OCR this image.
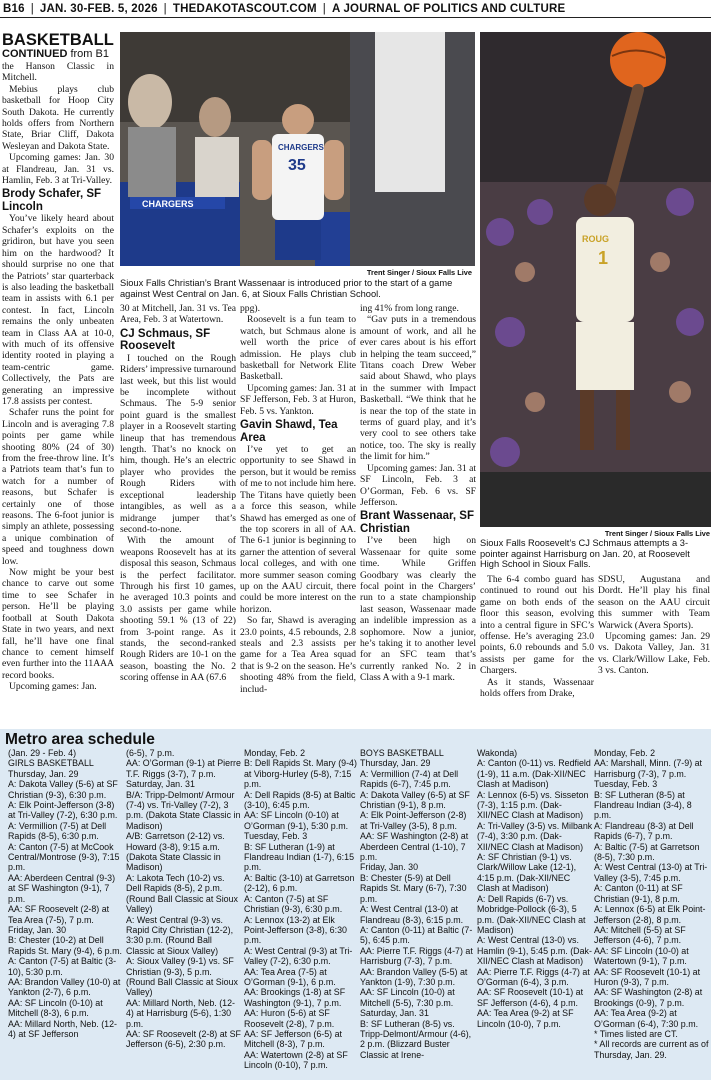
B16 | JAN. 30-FEB. 5, 2026 | THEDAKOTASCOUT.COM | A JOURNAL OF POLITICS AND CULTURE
BASKETBALL
CONTINUED from B1

the Hanson Classic in Mitchell.

Mebius plays club basketball for Hoop City South Dakota. He currently holds offers from Northern State, Briar Cliff, Dakota Wesleyan and Dakota State.

Upcoming games: Jan. 30 at Flandreau, Jan. 31 vs. Hamlin, Feb. 3 at Tri-Valley.

Brody Schafer, SF Lincoln

You’ve likely heard about Schafer’s exploits on the gridiron, but have you seen him on the hardwood? It should surprise no one that the Patriots’ star quarterback is also leading the basketball team in assists with 6.1 per contest. In fact, Lincoln remains the only unbeaten team in Class AA at 10-0, with much of its offensive identity rooted in playing a team-centric game. Collectively, the Pats are generating an impressive 17.8 assists per contest.

Schafer runs the point for Lincoln and is averaging 7.8 points per game while shooting 80% (24 of 30) from the free-throw line. It’s a Patriots team that’s fun to watch for a number of reasons, but Schafer is certainly one of those reasons. The 6-foot junior is simply an athlete, possessing a unique combination of speed and toughness down low.

Now might be your best chance to carve out some time to see Schafer in person. He’ll be playing football at South Dakota State in two years, and next fall, he’ll have one final chance to cement himself even further into the 11AAA record books.

Upcoming games: Jan.

CHARGERS
CHARGERS
35
Trent Singer / Sioux Falls Live
Sioux Falls Christian’s Brant Wassenaar is introduced prior to the start of a game against West Central on Jan. 6, at Sioux Falls Christian School.

30 at Mitchell, Jan. 31 vs. Tea Area, Feb. 3 at Watertown.

CJ Schmaus, SF Roosevelt

I touched on the Rough Riders’ impressive turnaround last week, but this list would be incomplete without Schmaus. The 5-9 senior point guard is the smallest player in a Roosevelt starting lineup that has tremendous length. That’s no knock on him, though. He’s an electric player who provides the Rough Riders with exceptional leadership intangibles, as well as a midrange jumper that’s second-to-none.

With the amount of weapons Roosevelt has at its disposal this season, Schmaus is the perfect facilitator. Through his first 10 games, he averaged 10.3 points and 3.0 assists per game while shooting 59.1 % (13 of 22) from 3-point range. As it stands, the second-ranked Rough Riders are 10-1 on the season, boasting the No. 2 scoring offense in AA (67.6

ppg).

Roosevelt is a fun team to watch, but Schmaus alone is well worth the price of admission. He plays club basketball for Network Elite Basketball.

Upcoming games: Jan. 31 at SF Jefferson, Feb. 3 at Huron, Feb. 5 vs. Yankton.

Gavin Shawd, Tea Area

I’ve yet to get an opportunity to see Shawd in person, but it would be remiss of me to not include him here. The Titans have quietly been a force this season, while Shawd has emerged as one of the top scorers in all of AA. The 6-1 junior is beginning to garner the attention of several local colleges, and with one more summer season coming up on the AAU circuit, there could be more interest on the horizon.

So far, Shawd is averaging 23.0 points, 4.5 rebounds, 2.8 steals and 2.3 assists per game for a Tea Area squad that is 9-2 on the season. He’s shooting 48% from the field, includ-

ing 41% from long range.

“Gav puts in a tremendous amount of work, and all he ever cares about is his effort in helping the team succeed,” Titans coach Drew Weber said about Shawd, who plays in the summer with Impact Basketball. “We think that he is near the top of the state in terms of guard play, and it’s very cool to see others take notice, too. The sky is really the limit for him.”

Upcoming games: Jan. 31 at SF Lincoln, Feb. 3 at O’Gorman, Feb. 6 vs. SF Jefferson.

Brant Wassenaar, SF Christian

I’ve been high on Wassenaar for quite some time. While Griffen Goodbary was clearly the focal point in the Chargers’ run to a state championship last season, Wassenaar made an indelible impression as a sophomore. Now a junior, he’s taking it to another level for an SFC team that’s currently ranked No. 2 in Class A with a 9-1 mark.

ROUG
1
Trent Singer / Sioux Falls Live
Sioux Falls Roosevelt’s CJ Schmaus attempts a 3-pointer against Harrisburg on Jan. 20, at Roosevelt High School in Sioux Falls.

The 6-4 combo guard has continued to round out his game on both ends of the floor this season, evolving into a central figure in SFC’s offense. He’s averaging 23.0 points, 6.0 rebounds and 5.0 assists per game for the Chargers.

As it stands, Wassenaar holds offers from Drake,

SDSU, Augustana and Dordt. He’ll play his final season on the AAU circuit this summer with Team Warwick (Avera Sports).

Upcoming games: Jan. 29 vs. Dakota Valley, Jan. 31 vs. Clark/Willow Lake, Feb. 3 vs. Canton.

Metro area schedule
(Jan. 29 - Feb. 4)
GIRLS BASKETBALL
Thursday, Jan. 29
A: Dakota Valley (5-6) at SF Christian (9-3), 6:30 p.m.
A: Elk Point-Jefferson (3-8) at Tri-Valley (7-2), 6:30 p.m.
A: Vermillion (7-5) at Dell Rapids (8-5), 6:30 p.m.
A: Canton (7-5) at McCook Central/Montrose (9-3), 7:15 p.m.
AA: Aberdeen Central (9-3) at SF Washington (9-1), 7 p.m.
AA: SF Roosevelt (2-8) at Tea Area (7-5), 7 p.m.
Friday, Jan. 30
B: Chester (10-2) at Dell Rapids St. Mary (9-4), 6 p.m.
A: Canton (7-5) at Baltic (3-10), 5:30 p.m.
AA: Brandon Valley (10-0) at Yankton (2-7), 6 p.m.
AA: SF Lincoln (0-10) at Mitchell (8-3), 6 p.m.
AA: Millard North, Neb. (12-4) at SF Jefferson
(6-5), 7 p.m.
AA: O’Gorman (9-1) at Pierre T.F. Riggs (3-7), 7 p.m.
Saturday, Jan. 31
B/A: Tripp-Delmont/ Armour (7-4) vs. Tri-Valley (7-2), 3 p.m. (Dakota State Classic in Madison)
A/B: Garretson (2-12) vs. Howard (3-8), 9:15 a.m. (Dakota State Classic in Madison)
A: Lakota Tech (10-2) vs. Dell Rapids (8-5), 2 p.m. (Round Ball Classic at Sioux Valley)
A: West Central (9-3) vs. Rapid City Christian (12-2), 3:30 p.m. (Round Ball Classic at Sioux Valley)
A: Sioux Valley (9-1) vs. SF Christian (9-3), 5 p.m. (Round Ball Classic at Sioux Valley)
AA: Millard North, Neb. (12-4) at Harrisburg (5-6), 1:30 p.m.
AA: SF Roosevelt (2-8) at SF Jefferson (6-5), 2:30 p.m.
Monday, Feb. 2
B: Dell Rapids St. Mary (9-4) at Viborg-Hurley (5-8), 7:15 p.m.
A: Dell Rapids (8-5) at Baltic (3-10), 6:45 p.m.
AA: SF Lincoln (0-10) at O’Gorman (9-1), 5:30 p.m.
Tuesday, Feb. 3
B: SF Lutheran (1-9) at Flandreau Indian (1-7), 6:15 p.m.
A: Baltic (3-10) at Garretson (2-12), 6 p.m.
A: Canton (7-5) at SF Christian (9-3), 6:30 p.m.
A: Lennox (13-2) at Elk Point-Jefferson (3-8), 6:30 p.m.
A: West Central (9-3) at Tri-Valley (7-2), 6:30 p.m.
AA: Tea Area (7-5) at O’Gorman (9-1), 6 p.m.
AA: Brookings (1-8) at SF Washington (9-1), 7 p.m.
AA: Huron (5-6) at SF Roosevelt (2-8), 7 p.m.
AA: SF Jefferson (6-5) at Mitchell (8-3), 7 p.m.
AA: Watertown (2-8) at SF Lincoln (0-10), 7 p.m.
BOYS BASKETBALL
Thursday, Jan. 29
A: Vermillion (7-4) at Dell Rapids (6-7), 7:45 p.m.
A: Dakota Valley (6-5) at SF Christian (9-1), 8 p.m.
A: Elk Point-Jefferson (2-8) at Tri-Valley (3-5), 8 p.m.
AA: SF Washington (2-8) at Aberdeen Central (1-10), 7 p.m.
Friday, Jan. 30
B: Chester (5-9) at Dell Rapids St. Mary (6-7), 7:30 p.m.
A: West Central (13-0) at Flandreau (8-3), 6:15 p.m.
A: Canton (0-11) at Baltic (7-5), 6:45 p.m.
AA: Pierre T.F. Riggs (4-7) at Harrisburg (7-3), 7 p.m.
AA: Brandon Valley (5-5) at Yankton (1-9), 7:30 p.m.
AA: SF Lincoln (10-0) at Mitchell (5-5), 7:30 p.m.
Saturday, Jan. 31
B: SF Lutheran (8-5) vs. Tripp-Delmont/Armour (4-6), 2 p.m. (Blizzard Buster Classic at Irene-
Wakonda)
A: Canton (0-11) vs. Redfield (1-9), 11 a.m. (Dak-XII/NEC Clash at Madison)
A: Lennox (6-5) vs. Sisseton (7-3), 1:15 p.m. (Dak-XII/NEC Clash at Madison)
A: Tri-Valley (3-5) vs. Milbank (7-4), 3:30 p.m. (Dak-XII/NEC Clash at Madison)
A: SF Christian (9-1) vs. Clark/Willow Lake (12-1), 4:15 p.m. (Dak-XII/NEC Clash at Madison)
A: Dell Rapids (6-7) vs. Mobridge-Pollock (6-3), 5 p.m. (Dak-XII/NEC Clash at Madison)
A: West Central (13-0) vs. Hamlin (9-1), 5:45 p.m. (Dak-XII/NEC Clash at Madison)
AA: Pierre T.F. Riggs (4-7) at O’Gorman (6-4), 3 p.m.
AA: SF Roosevelt (10-1) at SF Jefferson (4-6), 4 p.m.
AA: Tea Area (9-2) at SF Lincoln (10-0), 7 p.m.
Monday, Feb. 2
AA: Marshall, Minn. (7-9) at Harrisburg (7-3), 7 p.m.
Tuesday, Feb. 3
B: SF Lutheran (8-5) at Flandreau Indian (3-4), 8 p.m.
A: Flandreau (8-3) at Dell Rapids (6-7), 7 p.m.
A: Baltic (7-5) at Garretson (8-5), 7:30 p.m.
A: West Central (13-0) at Tri-Valley (3-5), 7:45 p.m.
A: Canton (0-11) at SF Christian (9-1), 8 p.m.
A: Lennox (6-5) at Elk Point-Jefferson (2-8), 8 p.m.
AA: Mitchell (5-5) at SF Jefferson (4-6), 7 p.m.
AA: SF Lincoln (10-0) at Watertown (9-1), 7 p.m.
AA: SF Roosevelt (10-1) at Huron (9-3), 7 p.m.
AA: SF Washington (2-8) at Brookings (0-9), 7 p.m.
AA: Tea Area (9-2) at O’Gorman (6-4), 7:30 p.m.
* Times listed are CT.
* All records are current as of Thursday, Jan. 29.
